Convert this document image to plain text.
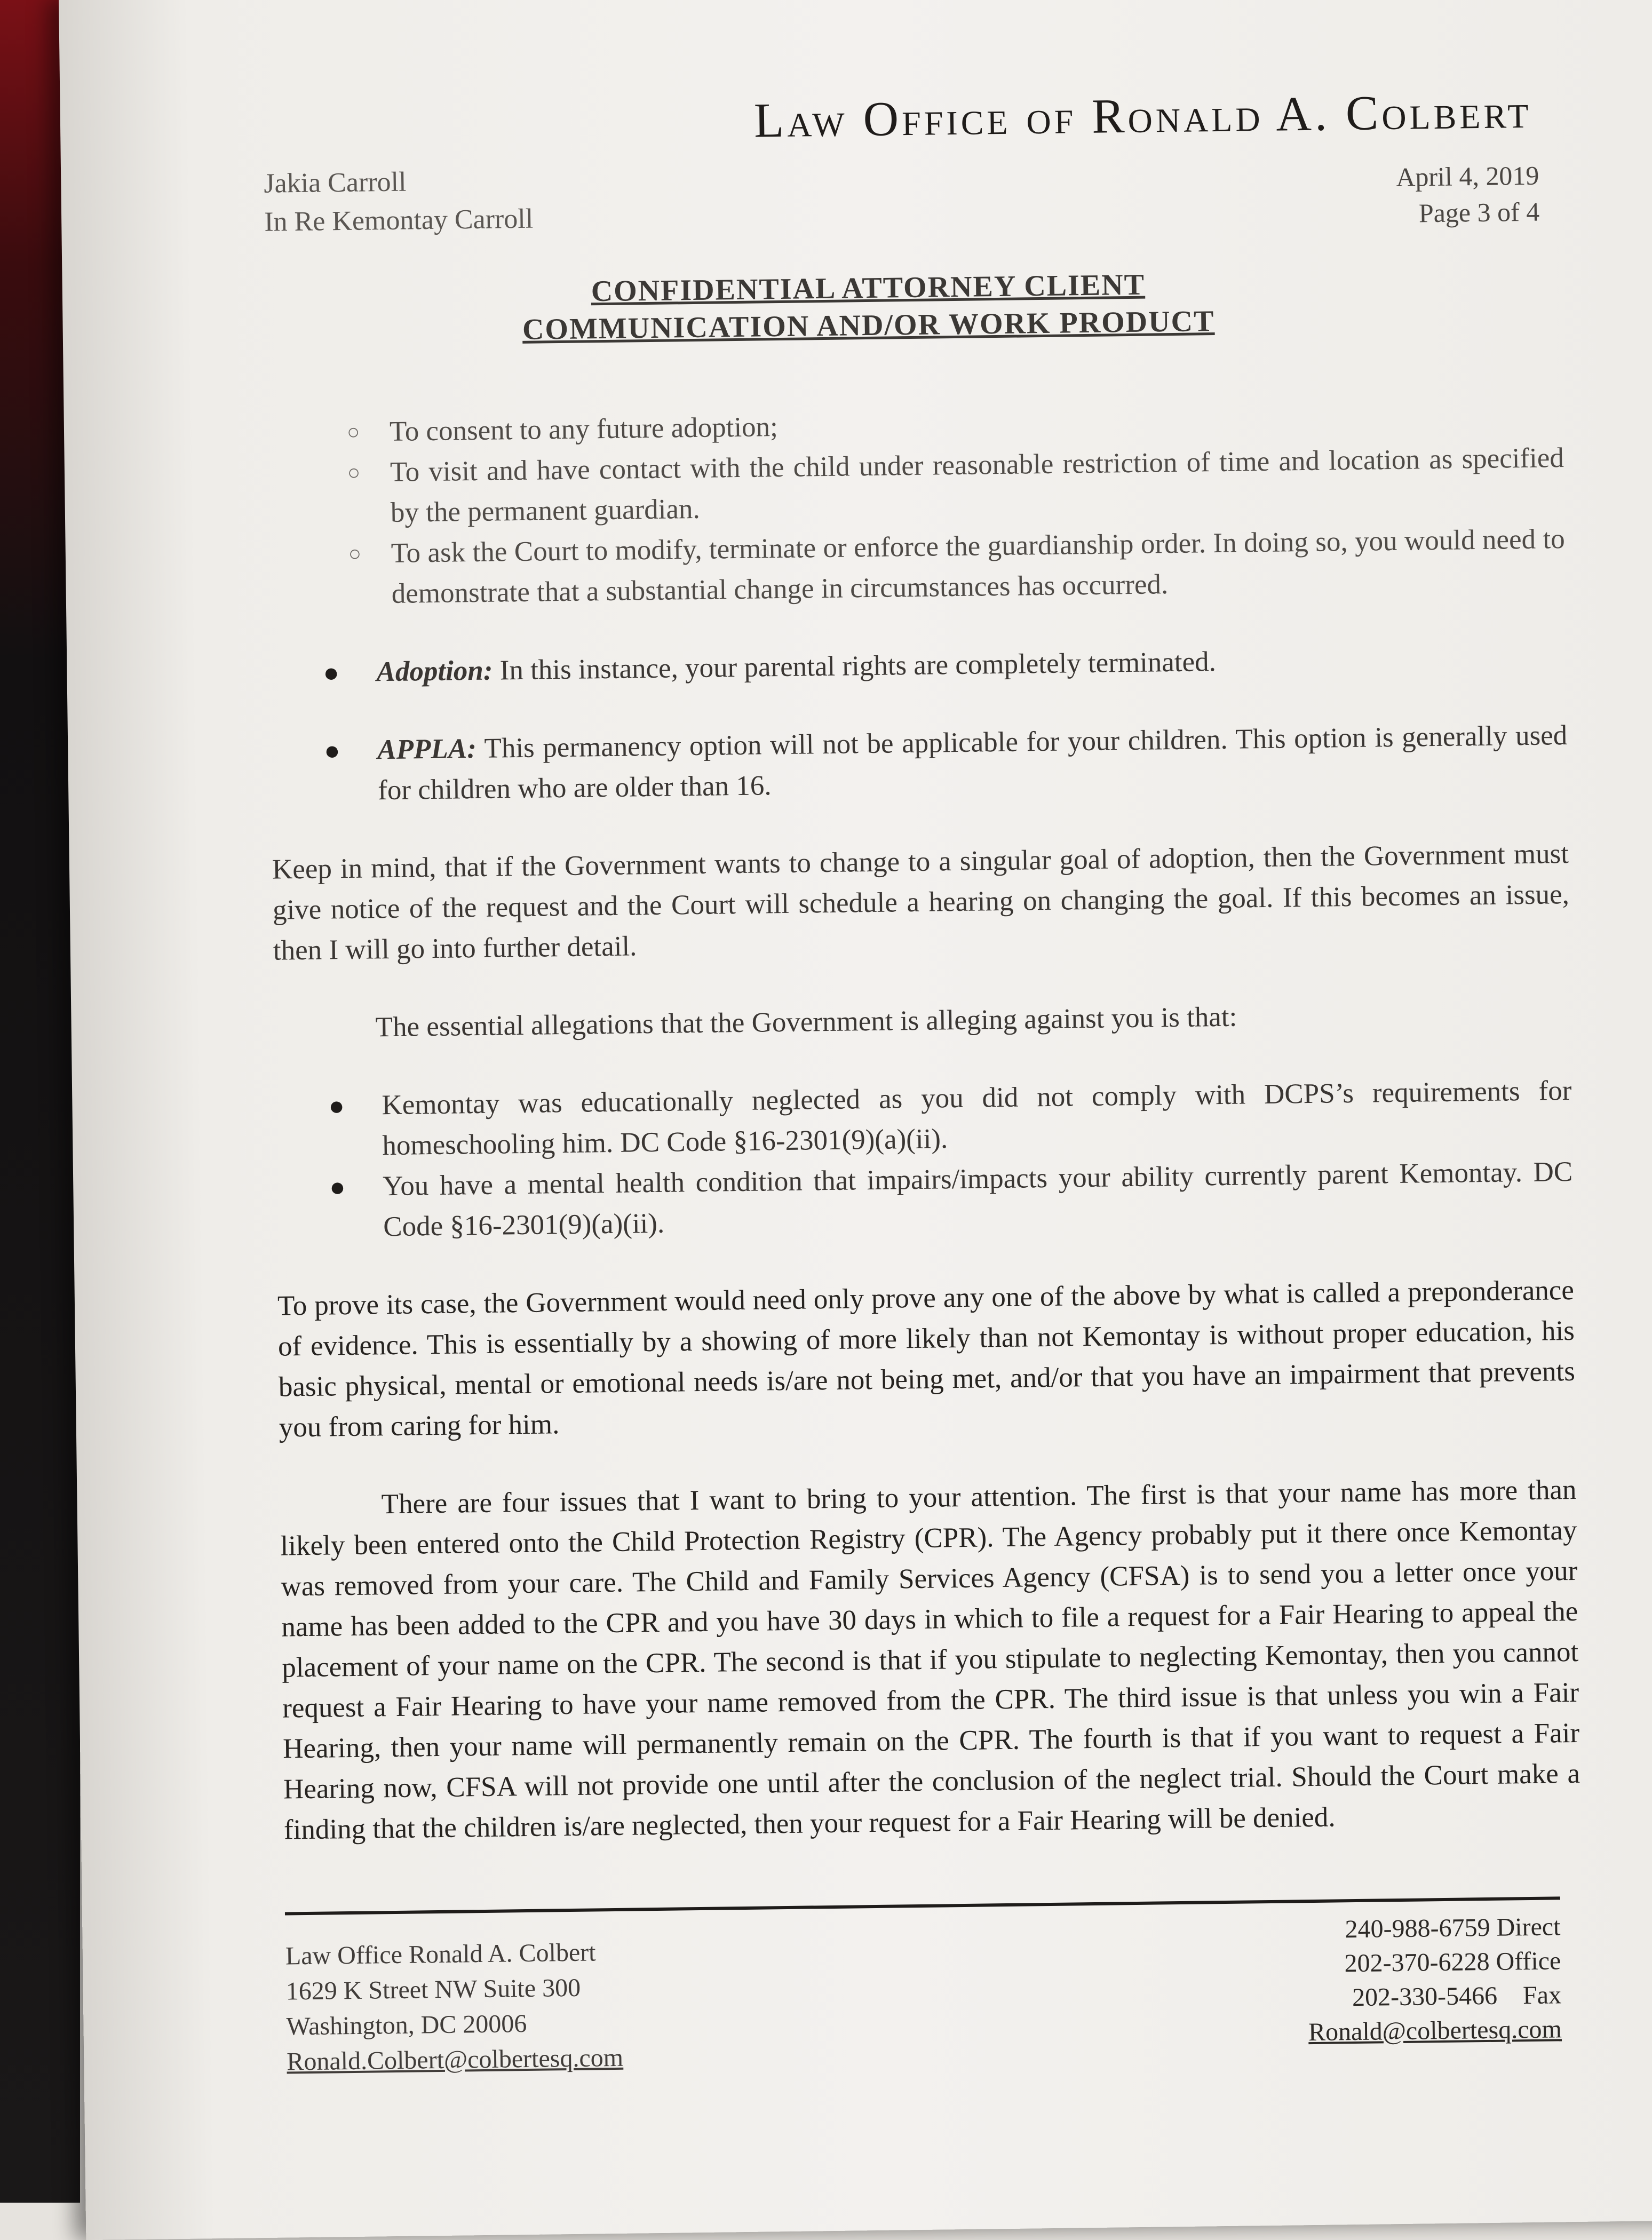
Law Office of Ronald A. Colbert
Jakia Carroll
In Re Kemontay Carroll
April 4, 2019
Page 3 of 4
CONFIDENTIAL ATTORNEY CLIENT
COMMUNICATION AND/OR WORK PRODUCT
○ To consent to any future adoption;
○ To visit and have contact with the child under reasonable restriction of time and location as specified by the permanent guardian.
○ To ask the Court to modify, terminate or enforce the guardianship order. In doing so, you would need to demonstrate that a substantial change in circumstances has occurred.
● Adoption: In this instance, your parental rights are completely terminated.
● APPLA: This permanency option will not be applicable for your children. This option is generally used for children who are older than 16.

Keep in mind, that if the Government wants to change to a singular goal of adoption, then the Government must give notice of the request and the Court will schedule a hearing on changing the goal. If this becomes an issue, then I will go into further detail.

The essential allegations that the Government is alleging against you is that:

● Kemontay was educationally neglected as you did not comply with DCPS’s requirements for homeschooling him. DC Code §16-2301(9)(a)(ii).
● You have a mental health condition that impairs/impacts your ability currently parent Kemontay. DC Code §16-2301(9)(a)(ii).

To prove its case, the Government would need only prove any one of the above by what is called a preponderance of evidence. This is essentially by a showing of more likely than not Kemontay is without proper education, his basic physical, mental or emotional needs is/are not being met, and/or that you have an impairment that prevents you from caring for him.

There are four issues that I want to bring to your attention. The first is that your name has more than likely been entered onto the Child Protection Registry (CPR). The Agency probably put it there once Kemontay was removed from your care. The Child and Family Services Agency (CFSA) is to send you a letter once your name has been added to the CPR and you have 30 days in which to file a request for a Fair Hearing to appeal the placement of your name on the CPR. The second is that if you stipulate to neglecting Kemontay, then you cannot request a Fair Hearing to have your name removed from the CPR. The third issue is that unless you win a Fair Hearing, then your name will permanently remain on the CPR. The fourth is that if you want to request a Fair Hearing now, CFSA will not provide one until after the conclusion of the neglect trial. Should the Court make a finding that the children is/are neglected, then your request for a Fair Hearing will be denied.

Law Office Ronald A. Colbert
1629 K Street NW Suite 300
Washington, DC 20006
Ronald.Colbert@colbertesq.com
240-988-6759 Direct
202-370-6228 Office
202-330-5466    Fax
Ronald@colbertesq.com
